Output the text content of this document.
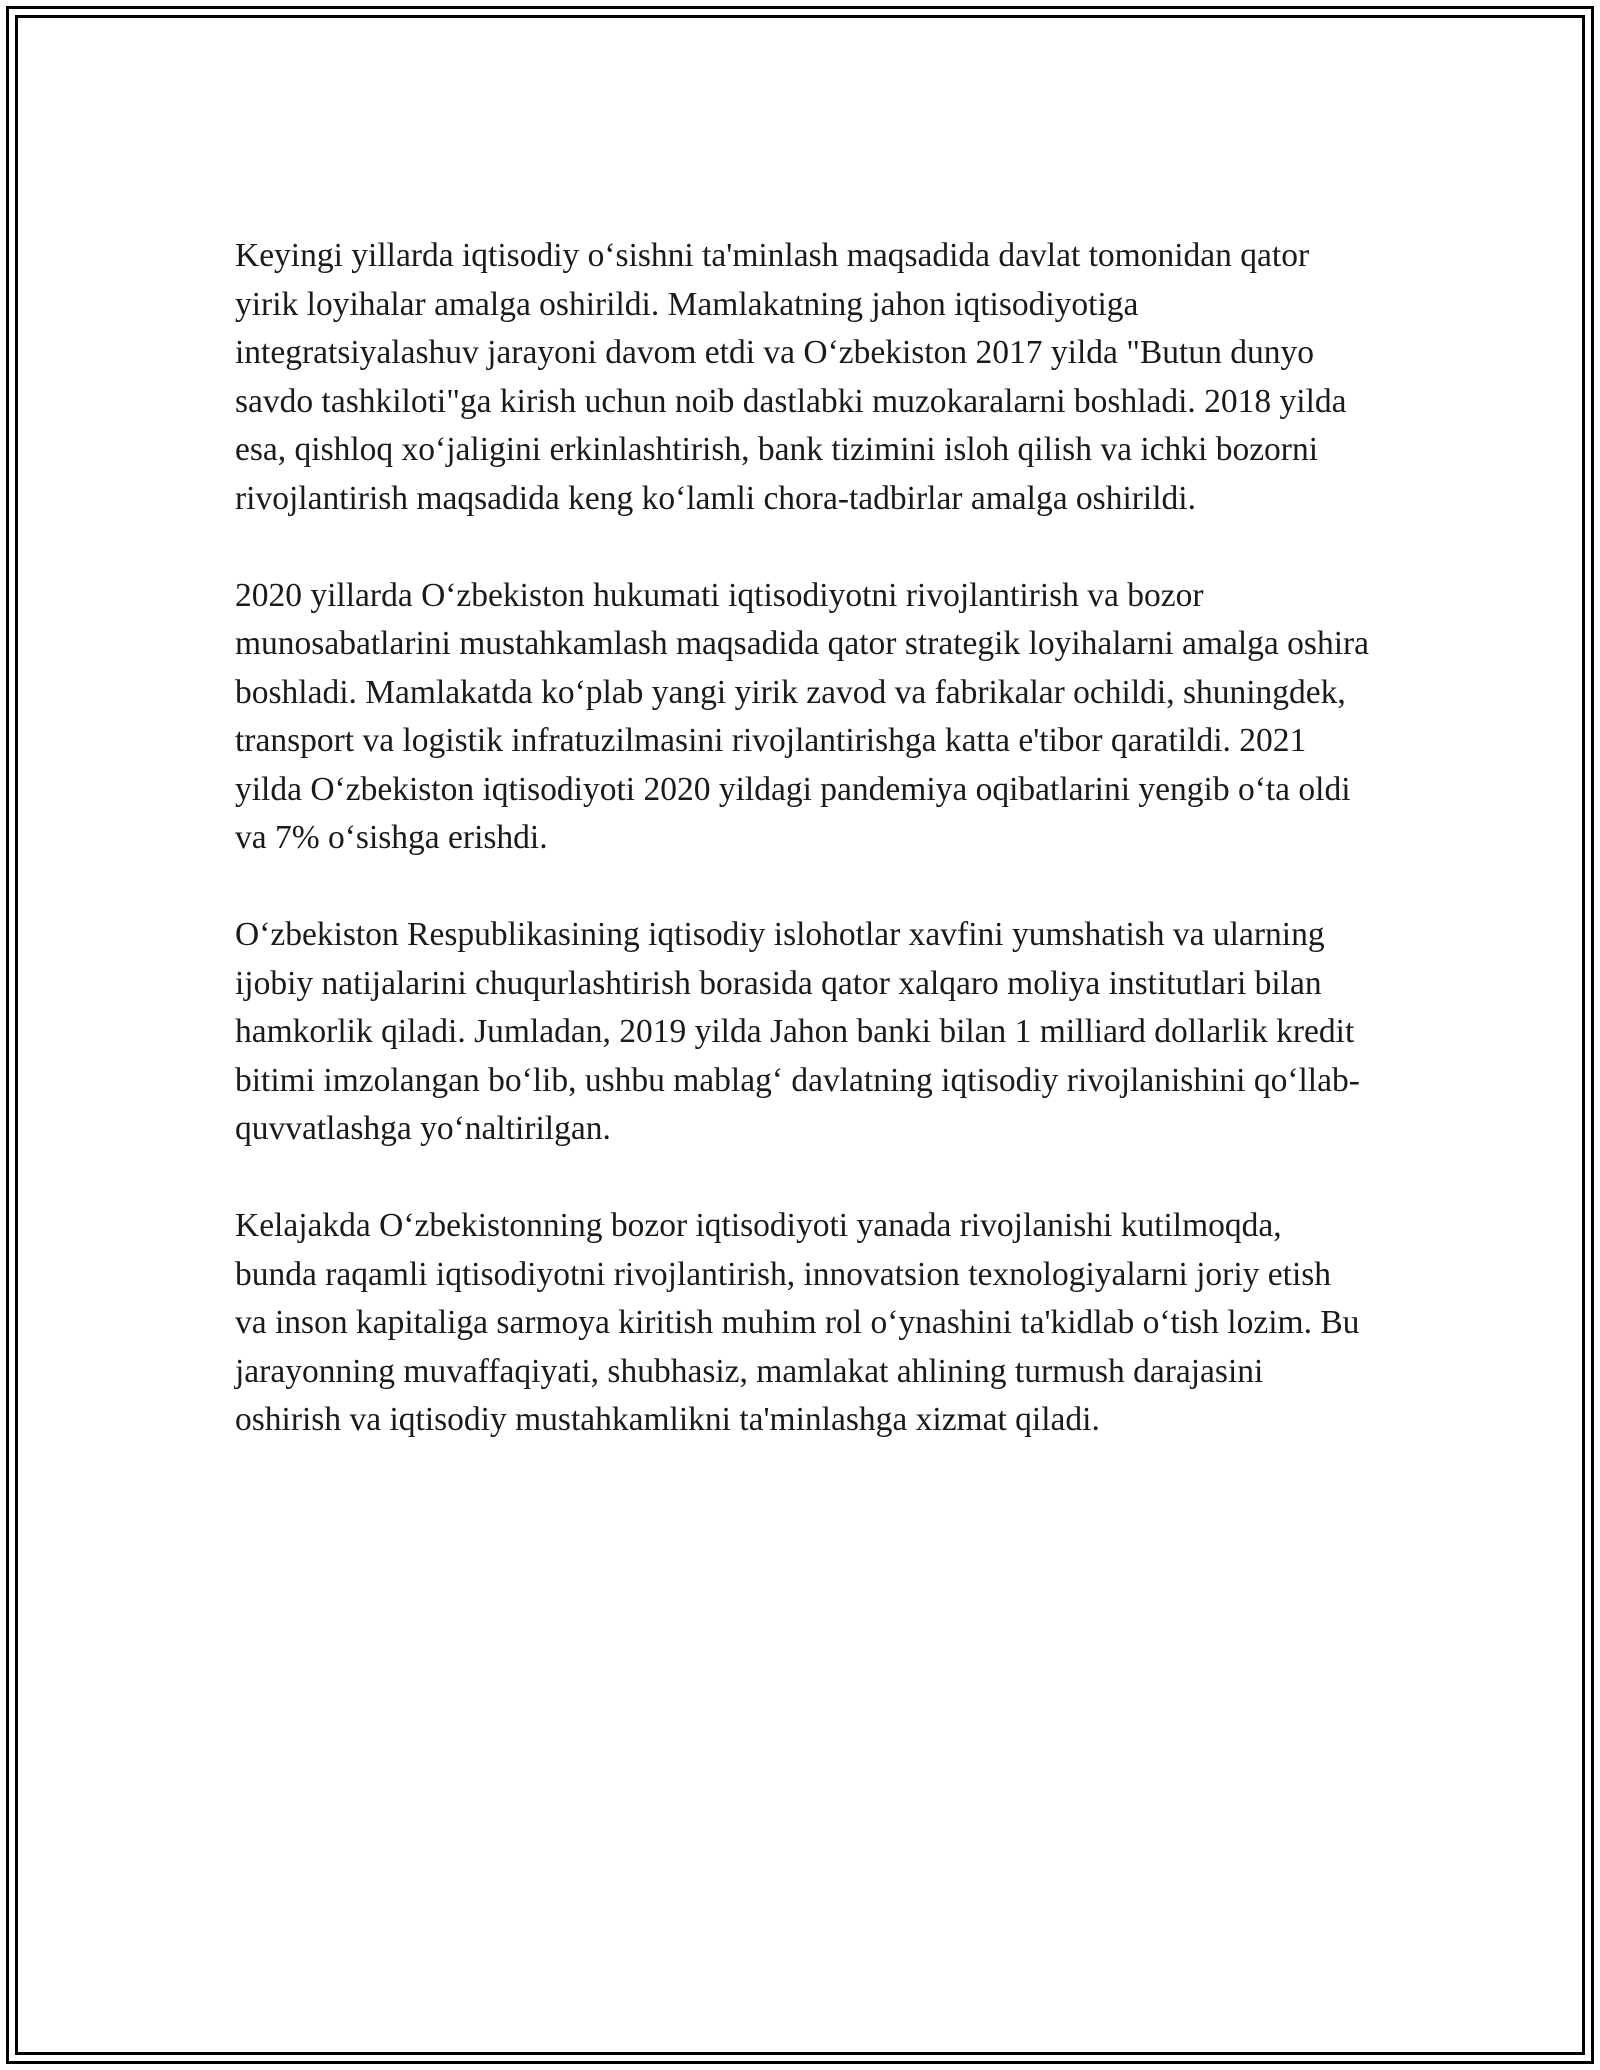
Keyingi yillarda iqtisodiy oʻsishni ta'minlash maqsadida davlat tomonidan qator yirik loyihalar amalga oshirildi. Mamlakatning jahon iqtisodiyotiga integratsiyalashuv jarayoni davom etdi va Oʻzbekiston 2017 yilda "Butun dunyo savdo tashkiloti"ga kirish uchun noib dastlabki muzokaralarni boshladi. 2018 yilda esa, qishloq xoʻjaligini erkinlashtirish, bank tizimini isloh qilish va ichki bozorni rivojlantirish maqsadida keng koʻlamli chora-tadbirlar amalga oshirildi.

2020 yillarda Oʻzbekiston hukumati iqtisodiyotni rivojlantirish va bozor munosabatlarini mustahkamlash maqsadida qator strategik loyihalarni amalga oshira boshladi. Mamlakatda koʻplab yangi yirik zavod va fabrikalar ochildi, shuningdek, transport va logistik infratuzilmasini rivojlantirishga katta e'tibor qaratildi. 2021 yilda Oʻzbekiston iqtisodiyoti 2020 yildagi pandemiya oqibatlarini yengib oʻta oldi va 7% oʻsishga erishdi.

Oʻzbekiston Respublikasining iqtisodiy islohotlar xavfini yumshatish va ularning ijobiy natijalarini chuqurlashtirish borasida qator xalqaro moliya institutlari bilan hamkorlik qiladi. Jumladan, 2019 yilda Jahon banki bilan 1 milliard dollarlik kredit bitimi imzolangan boʻlib, ushbu mablagʻ davlatning iqtisodiy rivojlanishini qoʻllab-quvvatlashga yoʻnaltirilgan.

Kelajakda Oʻzbekistonning bozor iqtisodiyoti yanada rivojlanishi kutilmoqda, bunda raqamli iqtisodiyotni rivojlantirish, innovatsion texnologiyalarni joriy etish va inson kapitaliga sarmoya kiritish muhim rol oʻynashini ta'kidlab oʻtish lozim. Bu jarayonning muvaffaqiyati, shubhasiz, mamlakat ahlining turmush darajasini oshirish va iqtisodiy mustahkamlikni ta'minlashga xizmat qiladi.
